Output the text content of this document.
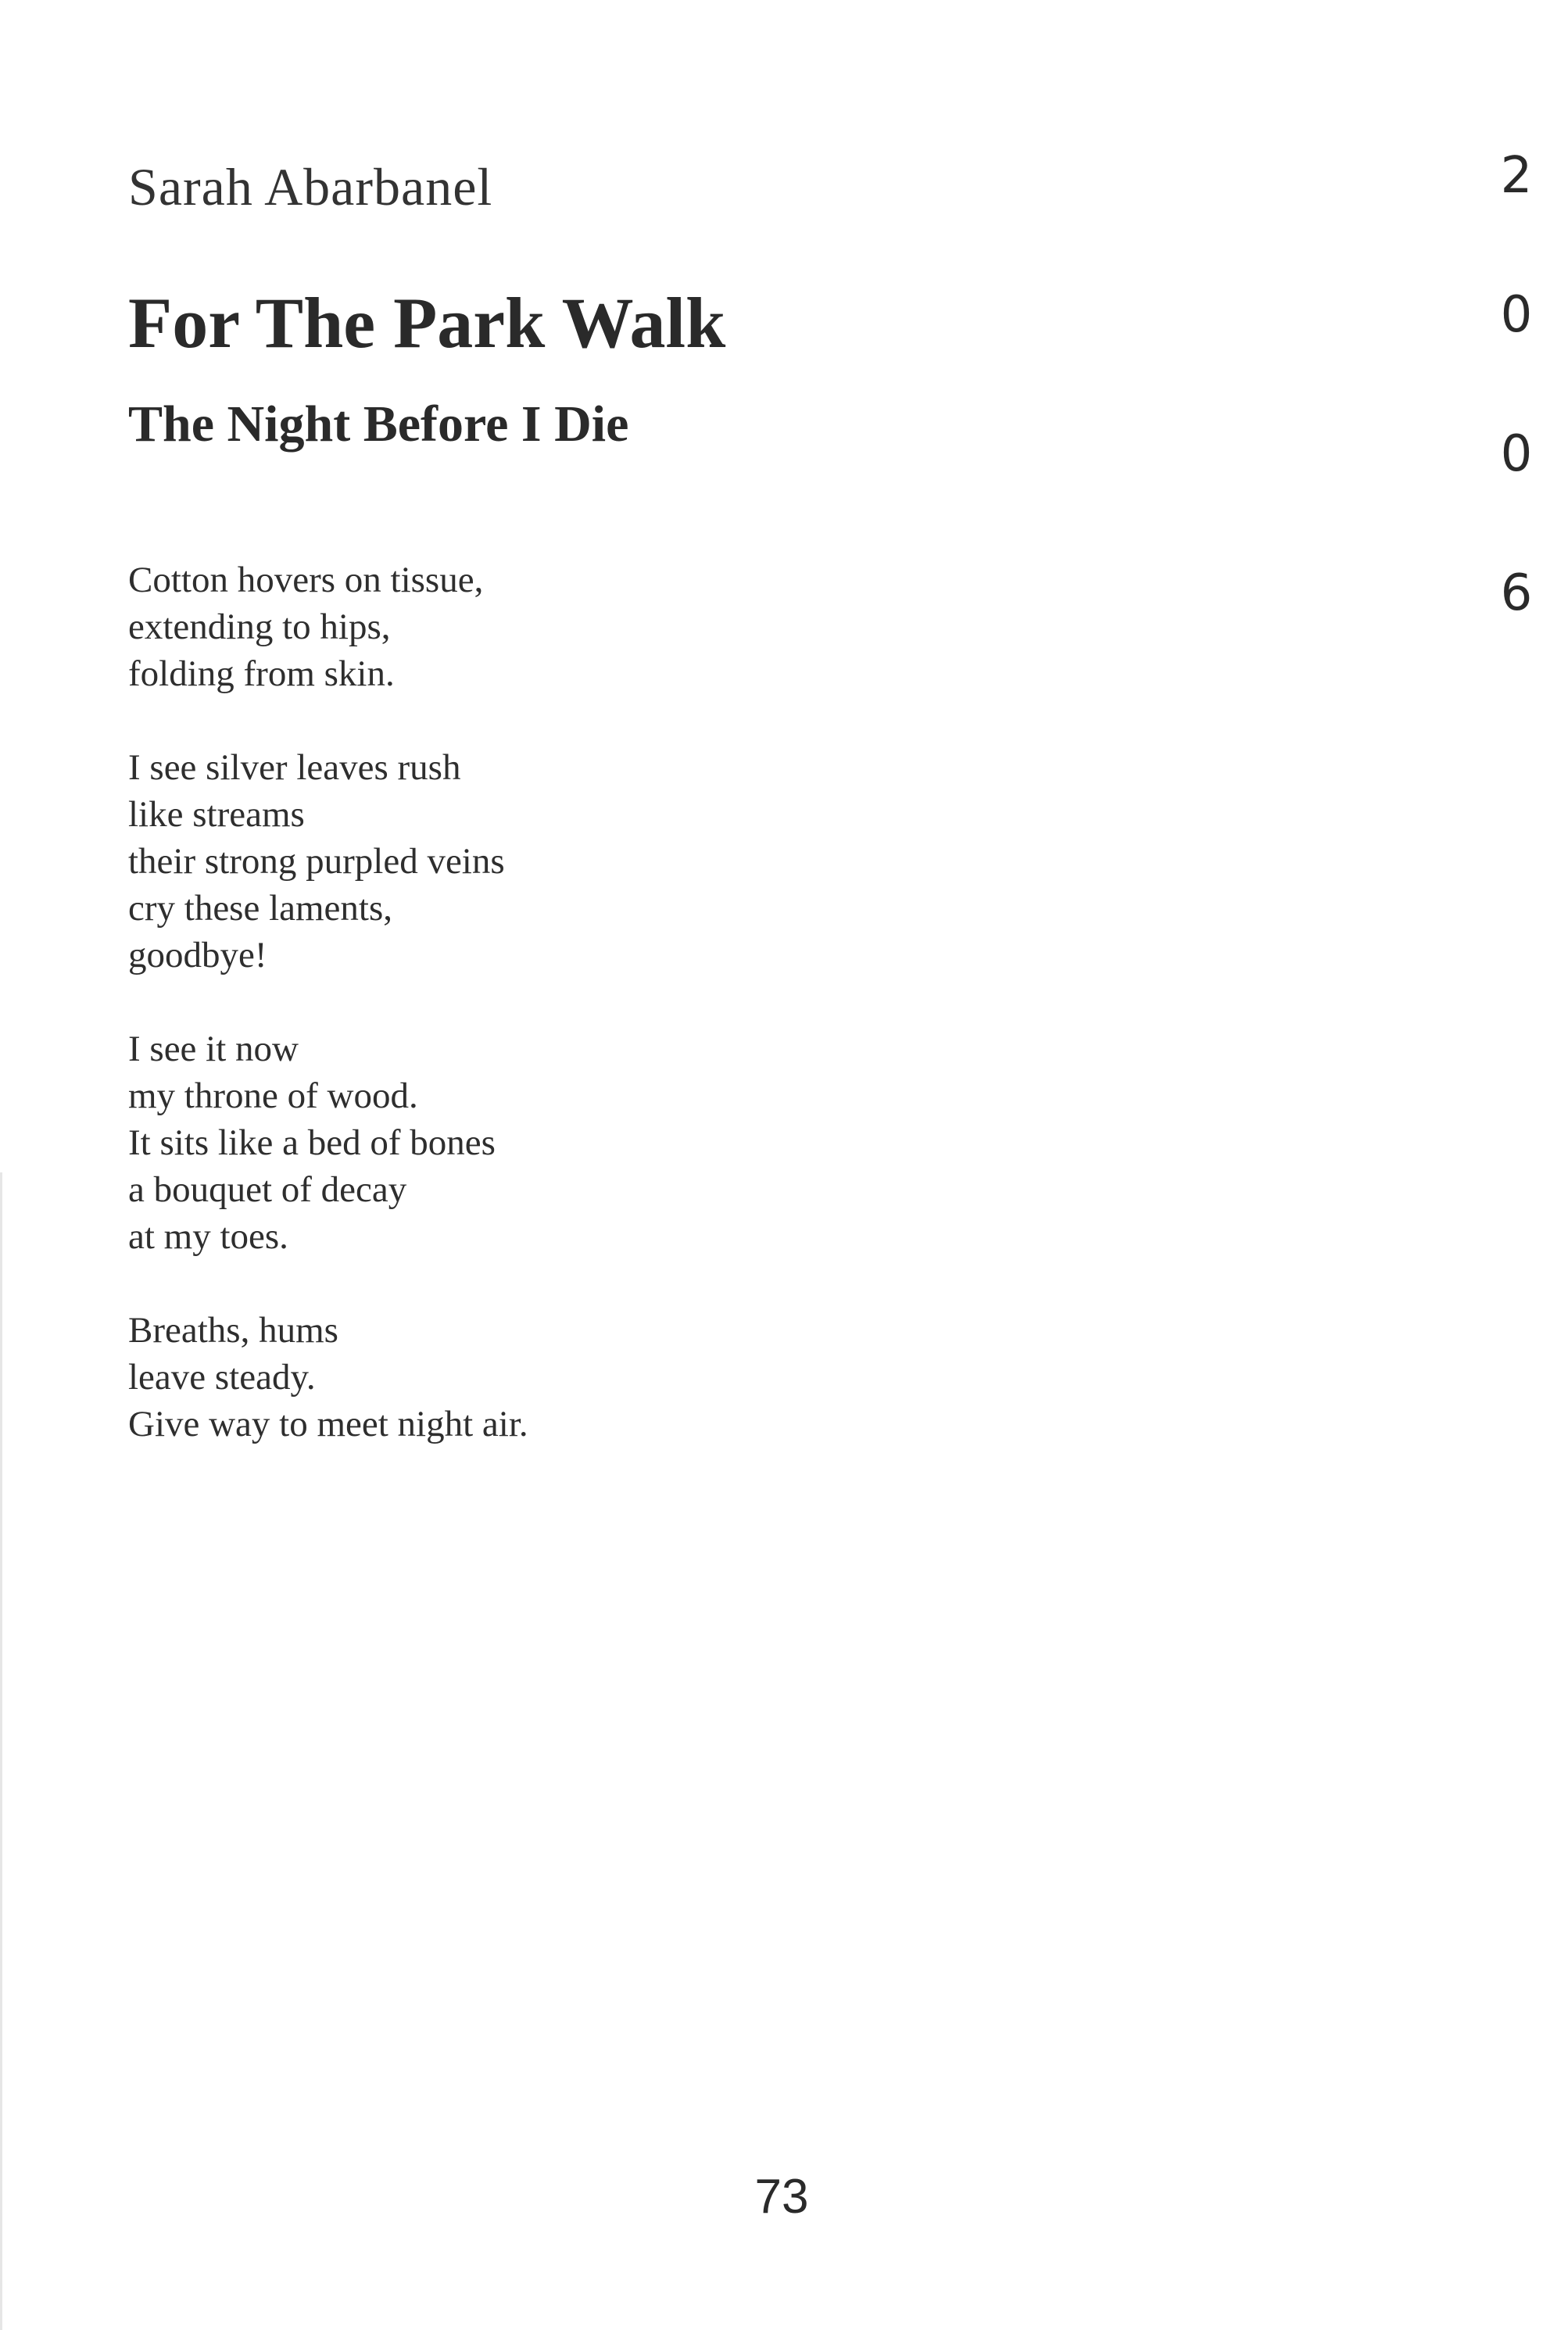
Sarah Abarbanel
For The Park Walk
The Night Before I Die

Cotton hovers on tissue,
extending to hips,
folding from skin.

I see silver leaves rush
like streams
their strong purpled veins
cry these laments,
goodbye!

I see it now
my throne of wood.
It sits like a bed of bones
a bouquet of decay
at my toes.

Breaths, hums
leave steady.
Give way to meet night air.

2
0
0
6
73
